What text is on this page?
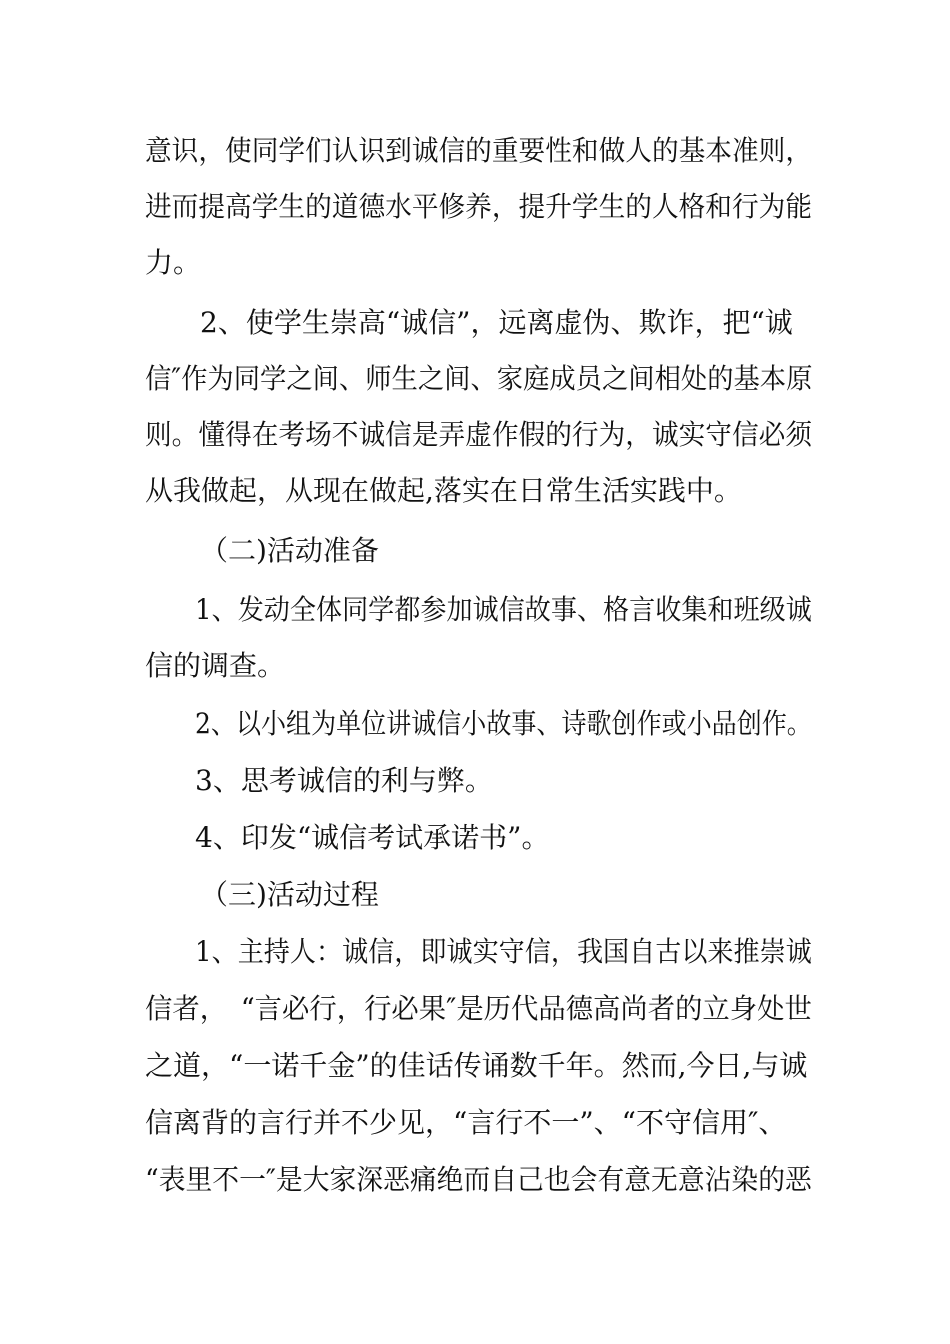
意识，使同学们认识到诚信的重要性和做人的基本准则，
进而提高学生的道德水平修养，提升学生的人格和行为能
力。
2、使学生崇高“诚信”，远离虚伪、欺诈，把“诚
信″作为同学之间、师生之间、家庭成员之间相处的基本原
则。懂得在考场不诚信是弄虚作假的行为，诚实守信必须
从我做起，从现在做起,落实在日常生活实践中。
（二)活动准备
1、发动全体同学都参加诚信故事、格言收集和班级诚
信的调查。
2、以小组为单位讲诚信小故事、诗歌创作或小品创作。
3、思考诚信的利与弊。
4、印发“诚信考试承诺书”。
（三)活动过程
1、主持人：诚信，即诚实守信，我国自古以来推崇诚
信者，　“言必行，行必果″是历代品德高尚者的立身处世
之道，“一诺千金”的佳话传诵数千年。然而,今日,与诚
信离背的言行并不少见，“言行不一”、“不守信用″、
“表里不一″是大家深恶痛绝而自己也会有意无意沾染的恶
